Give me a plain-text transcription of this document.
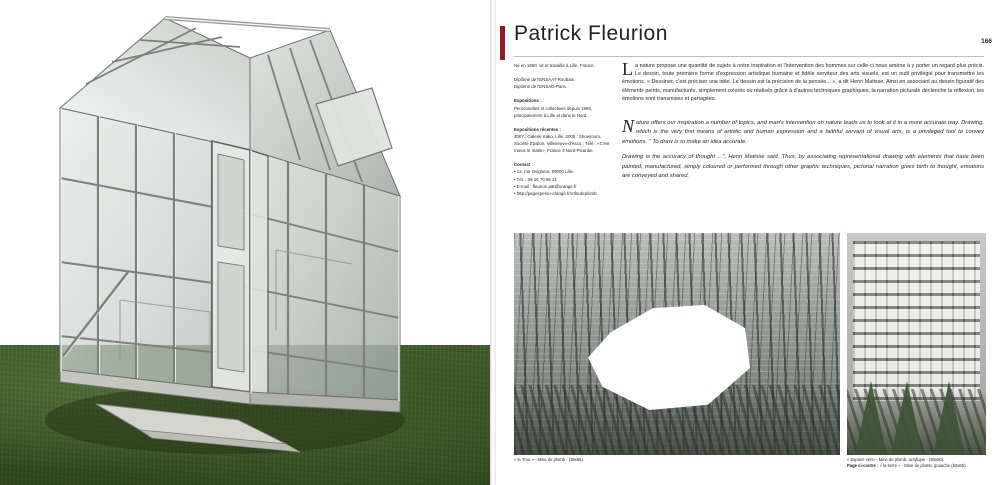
Patrick Fleurion	166

Né en 1950, vit et travaille à Lille, France.

Diplômé de l'ENSAAT-Roubaix.

Diplômé de l'ENSAD-Paris.

Expositions :

Personnelles et collectives depuis 1980, principalement à Lille et dans le Nord.

Expositions récentes :

2007 : Galerie Kako, Lille. 2008 : Showroom, Société Epsilon, Villeneuve-d'Ascq ; Télé : «C'est mieux le matin», France 3 Nord-Picardie.

Contact :

• 12, rue Ovigneur, 59000 Lille.

• Tél. : 06 16 70 66 21

• E-mail : fleurion.pat@orange.fr

• http://pagesperso-orange.fr/mfredeplomb

La nature propose une quantité de sujets à notre inspiration et l'intervention des hommes sur celle-ci nous amène à y porter un regard plus précis. Le dessin, toute première forme d'expression artistique humaine et fidèle serviteur des arts visuels, est un outil privilégié pour transmettre les émotions. « Dessiner, c'est préciser une idée. Le dessin est la précision de la pensée... », a dit Henri Matisse. Ainsi en associant au dessin figuratif des éléments peints, manufacturés, simplement colorés ou réalisés grâce à d'autres techniques graphiques, la narration picturale déclenche la réflexion, les émotions sont transmises et partagées.

Nature offers our inspiration a number of topics, and man's intervention on nature leads us to look at it in a more accurate way. Drawing, which is the very first means of artistic and human expression and a faithful servant of visual arts, is a privileged tool to convey emotions. " To draw is to make an idea accurate.

Drawing is the accuracy of thought ...", Henri Matisse said. Thus, by associating representational drawing with elements that have been painted, manufactured, simply coloured or performed through other graphic techniques, pictorial narration gives birth to thought, emotions are conveyed and shared.

« le Trou » - Mine de plomb - (38x55).	« Espace vert» - Mine de plomb, acrylique - (50x50).
Page ci-contre : « la serre » - Mine de plomb, gouache (50x65).
